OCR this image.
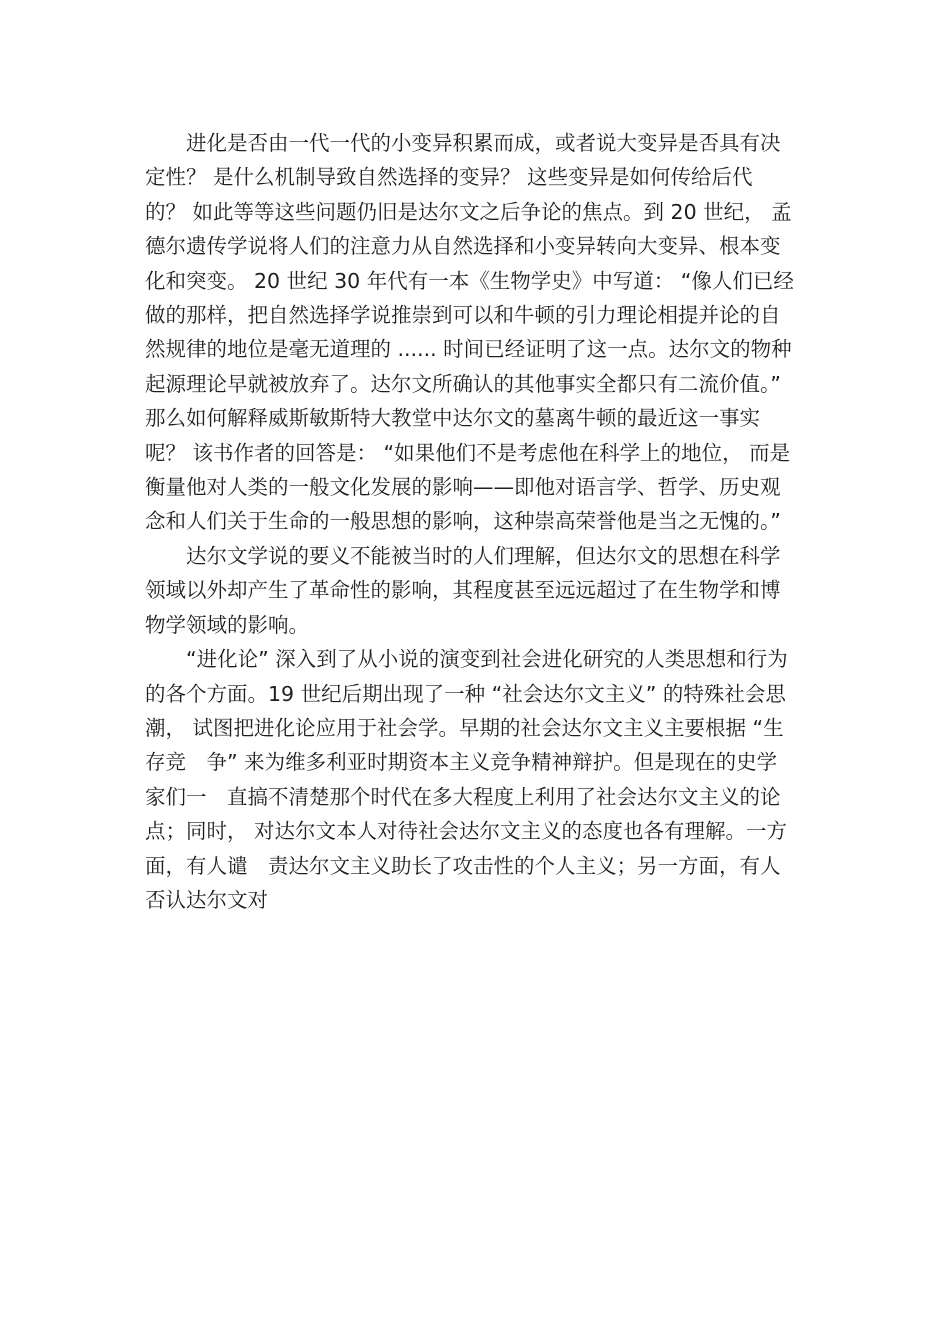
　　进化是否由一代一代的小变异积累而成，或者说大变异是否具有决
定性？ 是什么机制导致自然选择的变异？ 这些变异是如何传给后代
的？ 如此等等这些问题仍旧是达尔文之后争论的焦点。到 20 世纪， 孟
德尔遗传学说将人们的注意力从自然选择和小变异转向大变异、根本变
化和突变。 20 世纪 30 年代有一本《生物学史》中写道： “像人们已经
做的那样，把自然选择学说推崇到可以和牛顿的引力理论相提并论的自
然规律的地位是毫无道理的 ...... 时间已经证明了这一点。达尔文的物种
起源理论早就被放弃了。达尔文所确认的其他事实全都只有二流价值。”
那么如何解释威斯敏斯特大教堂中达尔文的墓离牛顿的最近这一事实
呢？ 该书作者的回答是： “如果他们不是考虑他在科学上的地位， 而是
衡量他对人类的一般文化发展的影响——即他对语言学、哲学、历史观
念和人们关于生命的一般思想的影响，这种崇高荣誉他是当之无愧的。”
　　达尔文学说的要义不能被当时的人们理解，但达尔文的思想在科学
领域以外却产生了革命性的影响，其程度甚至远远超过了在生物学和博
物学领域的影响。
　　“进化论” 深入到了从小说的演变到社会进化研究的人类思想和行为
的各个方面。19 世纪后期出现了一种 “社会达尔文主义” 的特殊社会思
潮， 试图把进化论应用于社会学。早期的社会达尔文主义主要根据 “生
存竞　争” 来为维多利亚时期资本主义竞争精神辩护。但是现在的史学
家们一　直搞不清楚那个时代在多大程度上利用了社会达尔文主义的论
点；同时， 对达尔文本人对待社会达尔文主义的态度也各有理解。一方
面，有人谴　责达尔文主义助长了攻击性的个人主义；另一方面，有人
否认达尔文对
